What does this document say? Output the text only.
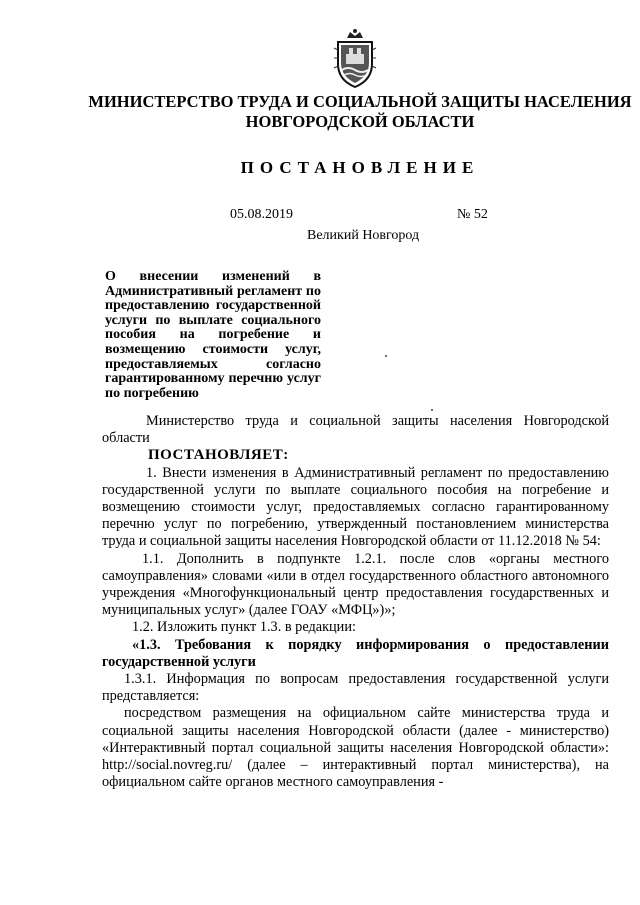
МИНИСТЕРСТВО ТРУДА И СОЦИАЛЬНОЙ ЗАЩИТЫ НАСЕЛЕНИЯ
НОВГОРОДСКОЙ ОБЛАСТИ
ПОСТАНОВЛЕНИЕ
05.08.2019	№ 52
Великий Новгород
О внесении изменений в Административный регламент по предоставлению государственной услуги по выплате социального пособия на погребение и возмещению стоимости услуг, предоставляемых согласно гарантированному перечню услуг по погребению

Министерство труда и социальной защиты населения Новгородской области

ПОСТАНОВЛЯЕТ:

1. Внести изменения в Административный регламент по предоставлению государственной услуги по выплате социального пособия на погребение и возмещению стоимости услуг, предоставляемых согласно гарантированному перечню услуг по погребению, утвержденный постановлением министерства труда и социальной защиты населения Новгородской области от 11.12.2018 № 54:

1.1. Дополнить в подпункте 1.2.1. после слов «органы местного самоуправления» словами «или в отдел государственного областного автономного учреждения «Многофункциональный центр предоставления государственных и муниципальных услуг» (далее ГОАУ «МФЦ»)»;

1.2. Изложить пункт 1.3. в редакции:

«1.3. Требования к порядку информирования о предоставлении государственной услуги

1.3.1. Информация по вопросам предоставления государственной услуги представляется:

посредством размещения на официальном сайте министерства труда и социальной защиты населения Новгородской области (далее - министерство) «Интерактивный портал социальной защиты населения Новгородской области»: http://social.novreg.ru/ (далее – интерактивный портал министерства), на официальном сайте органов местного самоуправления -
